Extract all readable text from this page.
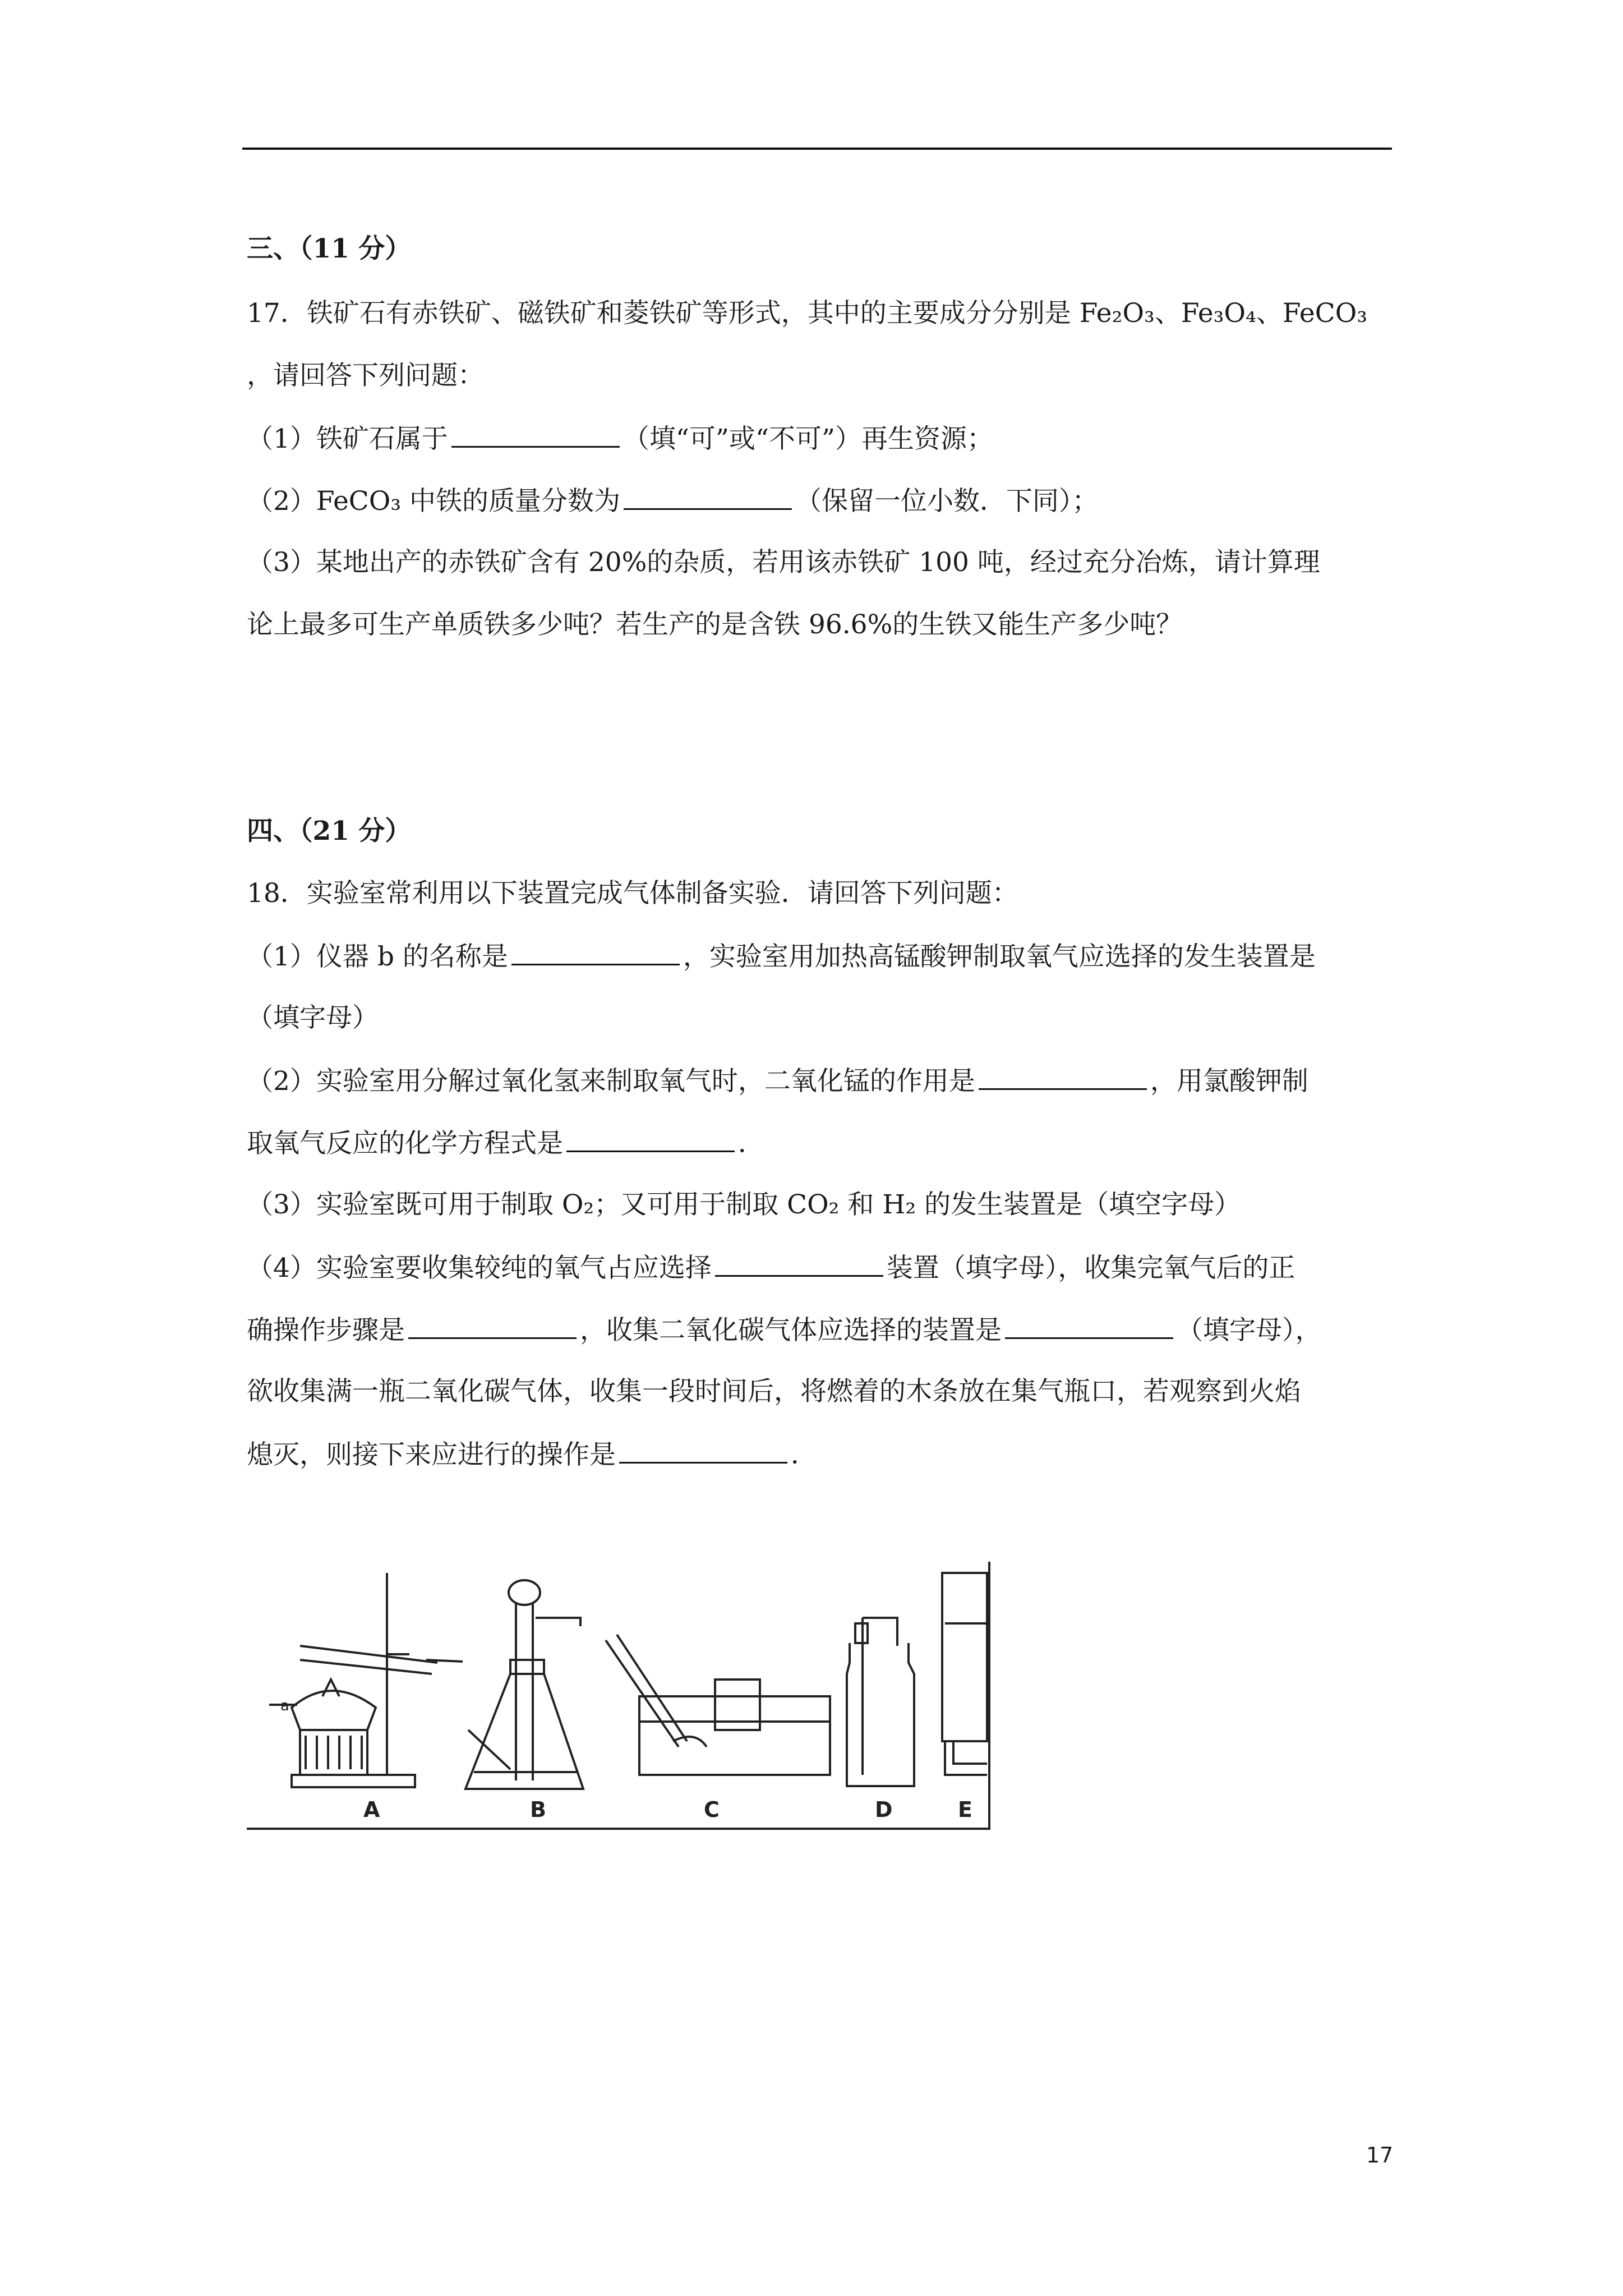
三、（11 分）
17．铁矿石有赤铁矿、磁铁矿和菱铁矿等形式，其中的主要成分分别是 Fe₂O₃、Fe₃O₄、FeCO₃
，请回答下列问题：
（1）铁矿石属于	（填“可”或“不可”）再生资源；
（2）FeCO₃ 中铁的质量分数为	（保留一位小数．下同）；
（3）某地出产的赤铁矿含有 20%的杂质，若用该赤铁矿 100 吨，经过充分冶炼，请计算理
论上最多可生产单质铁多少吨？若生产的是含铁 96.6%的生铁又能生产多少吨？
四、（21 分）
18．实验室常利用以下装置完成气体制备实验．请回答下列问题：
（1）仪器 b 的名称是	，实验室用加热高锰酸钾制取氧气应选择的发生装置是
（填字母）
（2）实验室用分解过氧化氢来制取氧气时，二氧化锰的作用是	，用氯酸钾制
取氧气反应的化学方程式是	．
（3）实验室既可用于制取 O₂；又可用于制取 CO₂ 和 H₂ 的发生装置是（填空字母）
（4）实验室要收集较纯的氧气占应选择	装置（填字母），收集完氧气后的正
确操作步骤是	，收集二氧化碳气体应选择的装置是	（填字母），
欲收集满一瓶二氧化碳气体，收集一段时间后，将燃着的木条放在集气瓶口，若观察到火焰
熄灭，则接下来应进行的操作是	．
a
A	B	C	D	E
17
